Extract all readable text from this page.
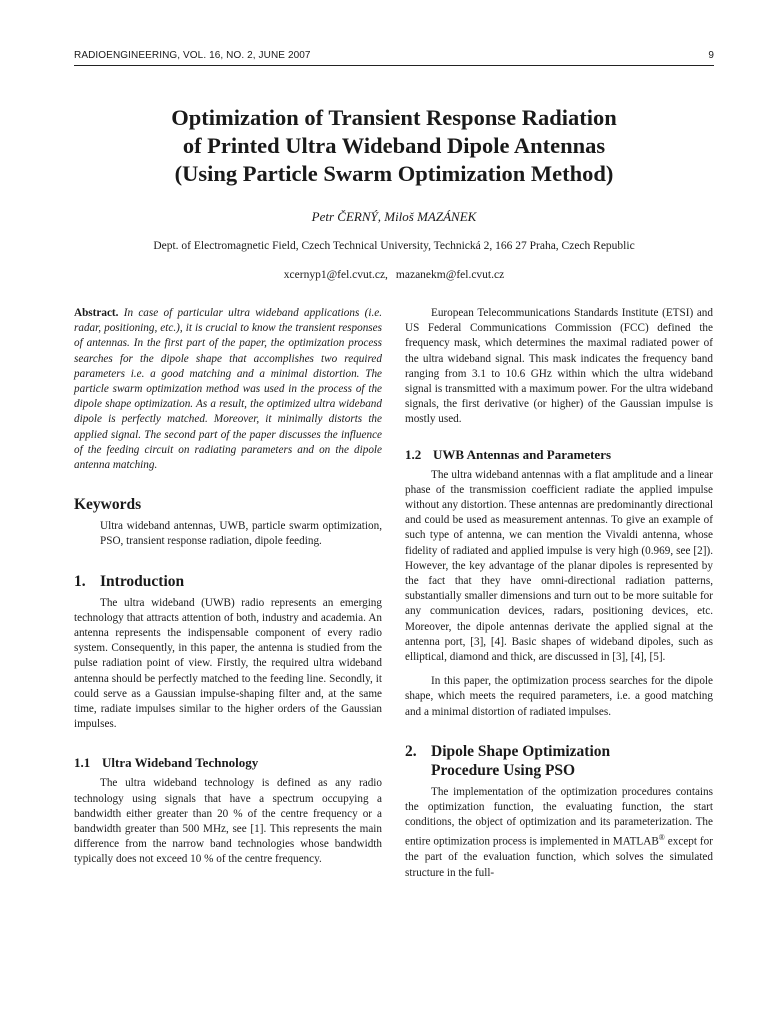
RADIOENGINEERING, VOL. 16, NO. 2, JUNE 2007	9
Optimization of Transient Response Radiation
of Printed Ultra Wideband Dipole Antennas
(Using Particle Swarm Optimization Method)
Petr ČERNÝ, Miloš MAZÁNEK
Dept. of Electromagnetic Field, Czech Technical University, Technická 2, 166 27 Praha, Czech Republic
xcernyp1@fel.cvut.cz, mazanekm@fel.cvut.cz

Abstract. In case of particular ultra wideband applications (i.e. radar, positioning, etc.), it is crucial to know the transient responses of antennas. In the first part of the paper, the optimization process searches for the dipole shape that accomplishes two required parameters i.e. a good matching and a minimal distortion. The particle swarm optimization method was used in the process of the dipole shape optimization. As a result, the optimized ultra wideband dipole is perfectly matched. Moreover, it minimally distorts the applied signal. The second part of the paper discusses the influence of the feeding circuit on radiating parameters and on the dipole antenna matching.

Keywords

Ultra wideband antennas, UWB, particle swarm optimization, PSO, transient response radiation, dipole feeding.

1. Introduction

The ultra wideband (UWB) radio represents an emerging technology that attracts attention of both, industry and academia. An antenna represents the indispensable component of every radio system. Consequently, in this paper, the antenna is studied from the pulse radiation point of view. Firstly, the required ultra wideband antenna should be perfectly matched to the feeding line. Secondly, it could serve as a Gaussian impulse-shaping filter and, at the same time, radiate impulses similar to the higher orders of the Gaussian impulses.

1.1 Ultra Wideband Technology

The ultra wideband technology is defined as any radio technology using signals that have a spectrum occupying a bandwidth either greater than 20 % of the centre frequency or a bandwidth greater than 500 MHz, see [1]. This represents the main difference from the narrow band technologies whose bandwidth typically does not exceed 10 % of the centre frequency.

European Telecommunications Standards Institute (ETSI) and US Federal Communications Commission (FCC) defined the frequency mask, which determines the maximal radiated power of the ultra wideband signal. This mask indicates the frequency band ranging from 3.1 to 10.6 GHz within which the ultra wideband signal is transmitted with a maximum power. For the ultra wideband signals, the first derivative (or higher) of the Gaussian impulse is mostly used.

1.2 UWB Antennas and Parameters

The ultra wideband antennas with a flat amplitude and a linear phase of the transmission coefficient radiate the applied impulse without any distortion. These antennas are predominantly directional and could be used as measurement antennas. To give an example of such type of antenna, we can mention the Vivaldi antenna, whose fidelity of radiated and applied impulse is very high (0.969, see [2]). However, the key advantage of the planar dipoles is represented by the fact that they have omni-directional radiation patterns, substantially smaller dimensions and turn out to be more suitable for any communication devices, radars, positioning devices, etc. Moreover, the dipole antennas derivate the applied signal at the antenna port, [3], [4]. Basic shapes of wideband dipoles, such as elliptical, diamond and thick, are discussed in [3], [4], [5].

In this paper, the optimization process searches for the dipole shape, which meets the required parameters, i.e. a good matching and a minimal distortion of radiated impulses.

2. Dipole Shape Optimization
Procedure Using PSO

The implementation of the optimization procedures contains the optimization function, the evaluating function, the start conditions, the object of optimization and its parameterization. The entire optimization process is implemented in MATLAB® except for the part of the evaluation function, which solves the simulated structure in the full-
